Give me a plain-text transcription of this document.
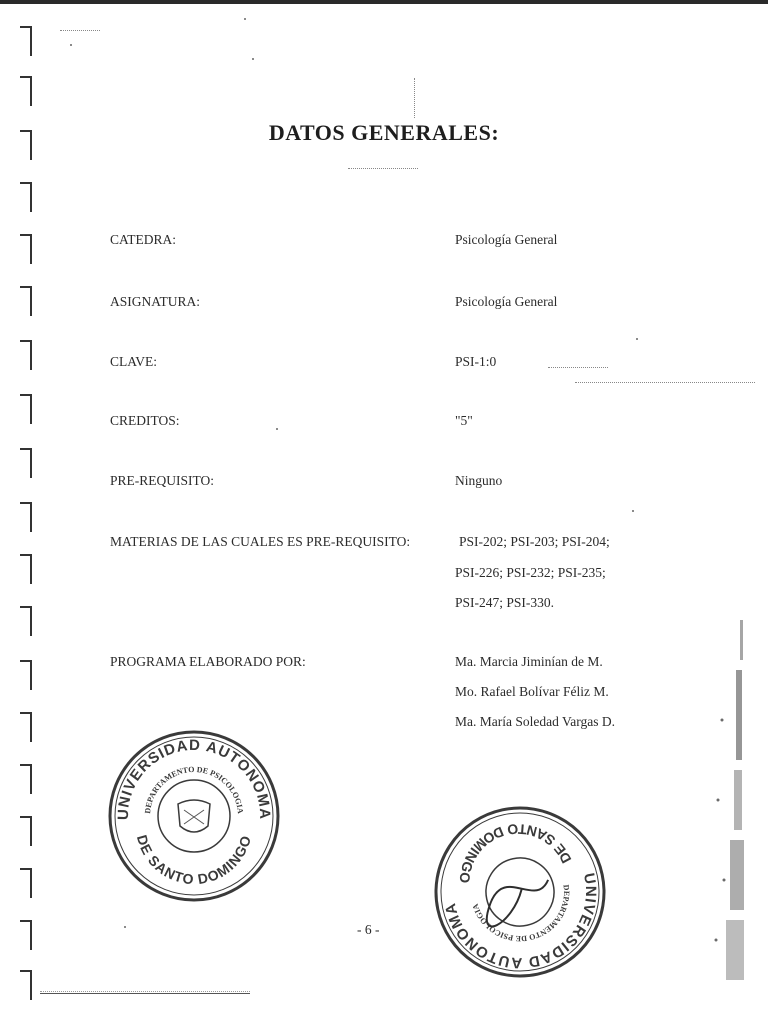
DATOS GENERALES:
CATEDRA:	Psicología General
ASIGNATURA:	Psicología General
CLAVE:	PSI-1:0
CREDITOS:	"5"
PRE-REQUISITO:	Ninguno
MATERIAS DE LAS CUALES ES PRE-REQUISITO:	PSI-202; PSI-203; PSI-204;
PSI-226; PSI-232; PSI-235;
PSI-247; PSI-330.
PROGRAMA ELABORADO POR:	Ma. Marcia Jiminían de M.
Mo. Rafael Bolívar Féliz M.
Ma. María Soledad Vargas D.
UNIVERSIDAD AUTONOMA
DE SANTO DOMINGO
DEPARTAMENTO DE PSICOLOGIA
UNIVERSIDAD AUTONOMA
DE SANTO DOMINGO
DEPARTAMENTO DE PSICOLOGIA
- 6 -
